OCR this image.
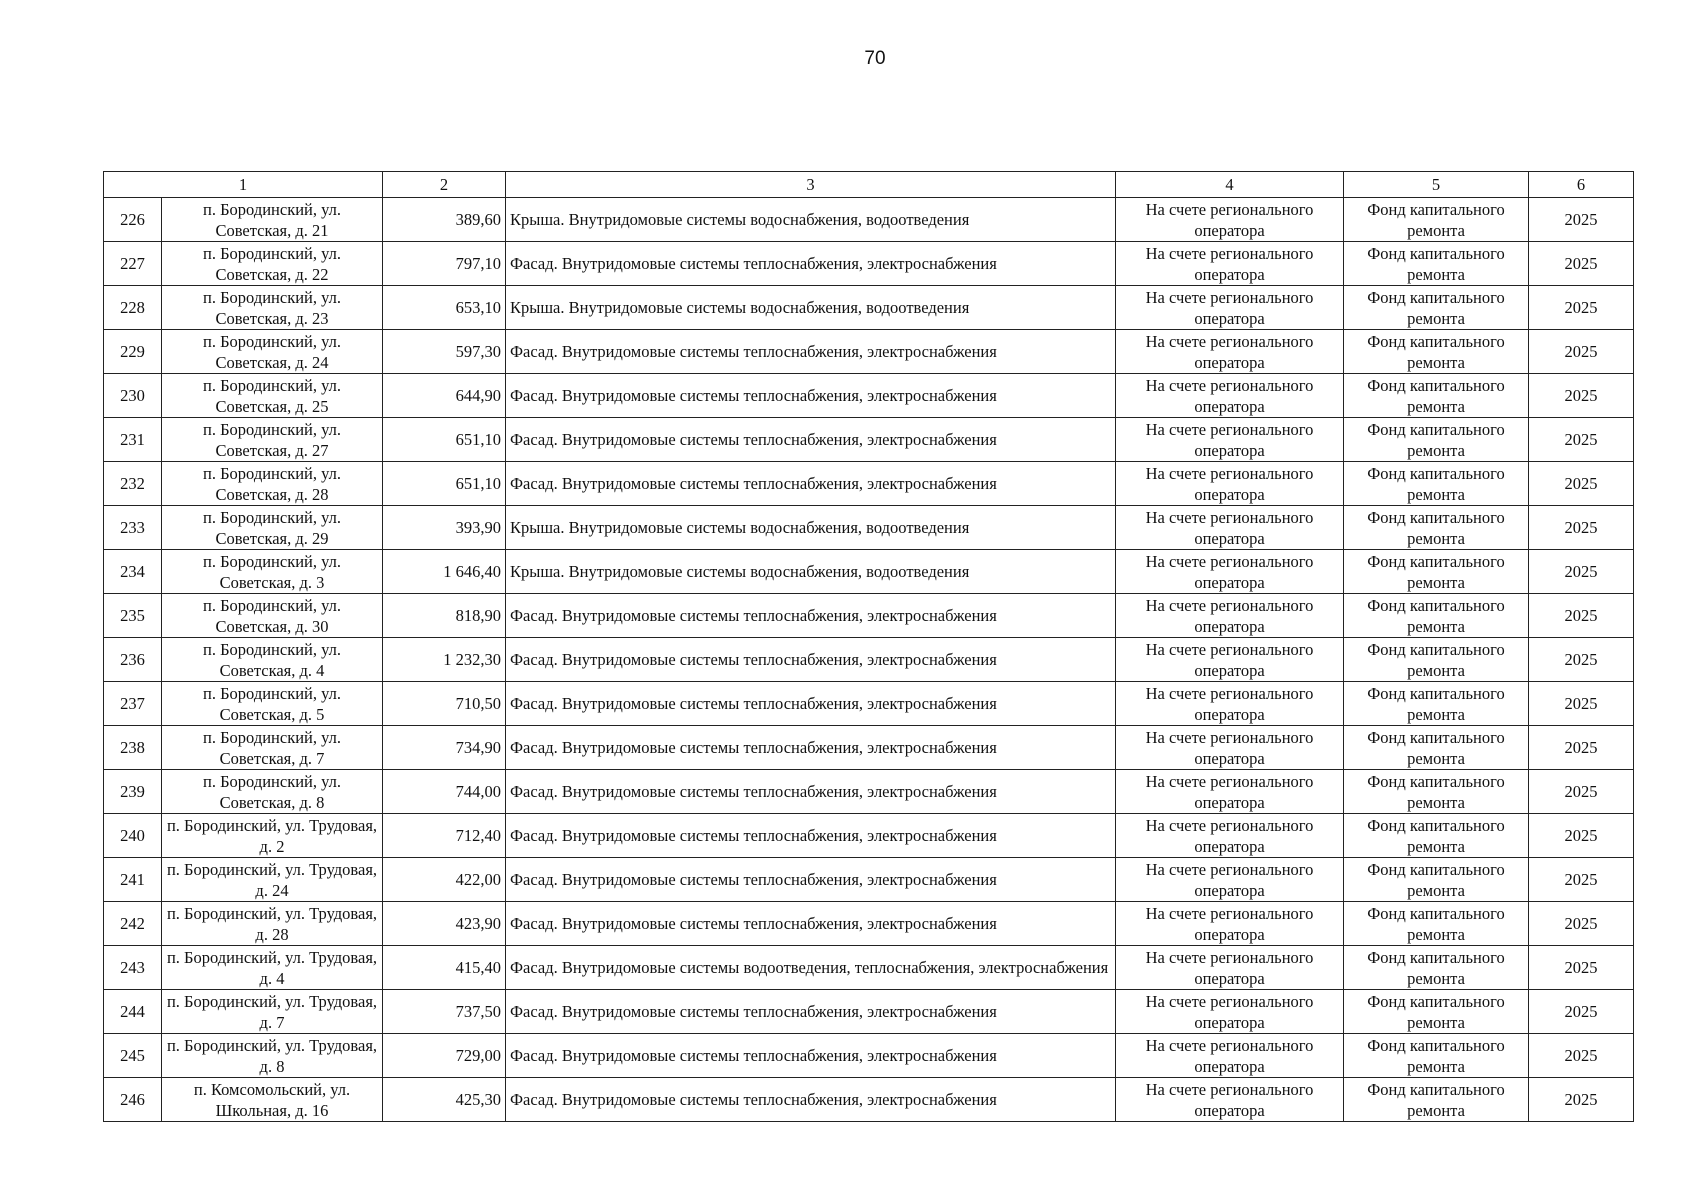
70
1		2	3	4	5	6
226	п. Бородинский, ул. Советская, д. 21	389,60	Крыша. Внутридомовые системы водоснабжения, водоотведения	На счете регионального оператора	Фонд капитального ремонта	2025
227	п. Бородинский, ул. Советская, д. 22	797,10	Фасад. Внутридомовые системы теплоснабжения, электроснабжения	На счете регионального оператора	Фонд капитального ремонта	2025
228	п. Бородинский, ул. Советская, д. 23	653,10	Крыша. Внутридомовые системы водоснабжения, водоотведения	На счете регионального оператора	Фонд капитального ремонта	2025
229	п. Бородинский, ул. Советская, д. 24	597,30	Фасад. Внутридомовые системы теплоснабжения, электроснабжения	На счете регионального оператора	Фонд капитального ремонта	2025
230	п. Бородинский, ул. Советская, д. 25	644,90	Фасад. Внутридомовые системы теплоснабжения, электроснабжения	На счете регионального оператора	Фонд капитального ремонта	2025
231	п. Бородинский, ул. Советская, д. 27	651,10	Фасад. Внутридомовые системы теплоснабжения, электроснабжения	На счете регионального оператора	Фонд капитального ремонта	2025
232	п. Бородинский, ул. Советская, д. 28	651,10	Фасад. Внутридомовые системы теплоснабжения, электроснабжения	На счете регионального оператора	Фонд капитального ремонта	2025
233	п. Бородинский, ул. Советская, д. 29	393,90	Крыша. Внутридомовые системы водоснабжения, водоотведения	На счете регионального оператора	Фонд капитального ремонта	2025
234	п. Бородинский, ул. Советская, д. 3	1 646,40	Крыша. Внутридомовые системы водоснабжения, водоотведения	На счете регионального оператора	Фонд капитального ремонта	2025
235	п. Бородинский, ул. Советская, д. 30	818,90	Фасад. Внутридомовые системы теплоснабжения, электроснабжения	На счете регионального оператора	Фонд капитального ремонта	2025
236	п. Бородинский, ул. Советская, д. 4	1 232,30	Фасад. Внутридомовые системы теплоснабжения, электроснабжения	На счете регионального оператора	Фонд капитального ремонта	2025
237	п. Бородинский, ул. Советская, д. 5	710,50	Фасад. Внутридомовые системы теплоснабжения, электроснабжения	На счете регионального оператора	Фонд капитального ремонта	2025
238	п. Бородинский, ул. Советская, д. 7	734,90	Фасад. Внутридомовые системы теплоснабжения, электроснабжения	На счете регионального оператора	Фонд капитального ремонта	2025
239	п. Бородинский, ул. Советская, д. 8	744,00	Фасад. Внутридомовые системы теплоснабжения, электроснабжения	На счете регионального оператора	Фонд капитального ремонта	2025
240	п. Бородинский, ул. Трудовая, д. 2	712,40	Фасад. Внутридомовые системы теплоснабжения, электроснабжения	На счете регионального оператора	Фонд капитального ремонта	2025
241	п. Бородинский, ул. Трудовая, д. 24	422,00	Фасад. Внутридомовые системы теплоснабжения, электроснабжения	На счете регионального оператора	Фонд капитального ремонта	2025
242	п. Бородинский, ул. Трудовая, д. 28	423,90	Фасад. Внутридомовые системы теплоснабжения, электроснабжения	На счете регионального оператора	Фонд капитального ремонта	2025
243	п. Бородинский, ул. Трудовая, д. 4	415,40	Фасад. Внутридомовые системы водоотведения, теплоснабжения, электроснабжения	На счете регионального оператора	Фонд капитального ремонта	2025
244	п. Бородинский, ул. Трудовая, д. 7	737,50	Фасад. Внутридомовые системы теплоснабжения, электроснабжения	На счете регионального оператора	Фонд капитального ремонта	2025
245	п. Бородинский, ул. Трудовая, д. 8	729,00	Фасад. Внутридомовые системы теплоснабжения, электроснабжения	На счете регионального оператора	Фонд капитального ремонта	2025
246	п. Комсомольский, ул. Школьная, д. 16	425,30	Фасад. Внутридомовые системы теплоснабжения, электроснабжения	На счете регионального оператора	Фонд капитального ремонта	2025
